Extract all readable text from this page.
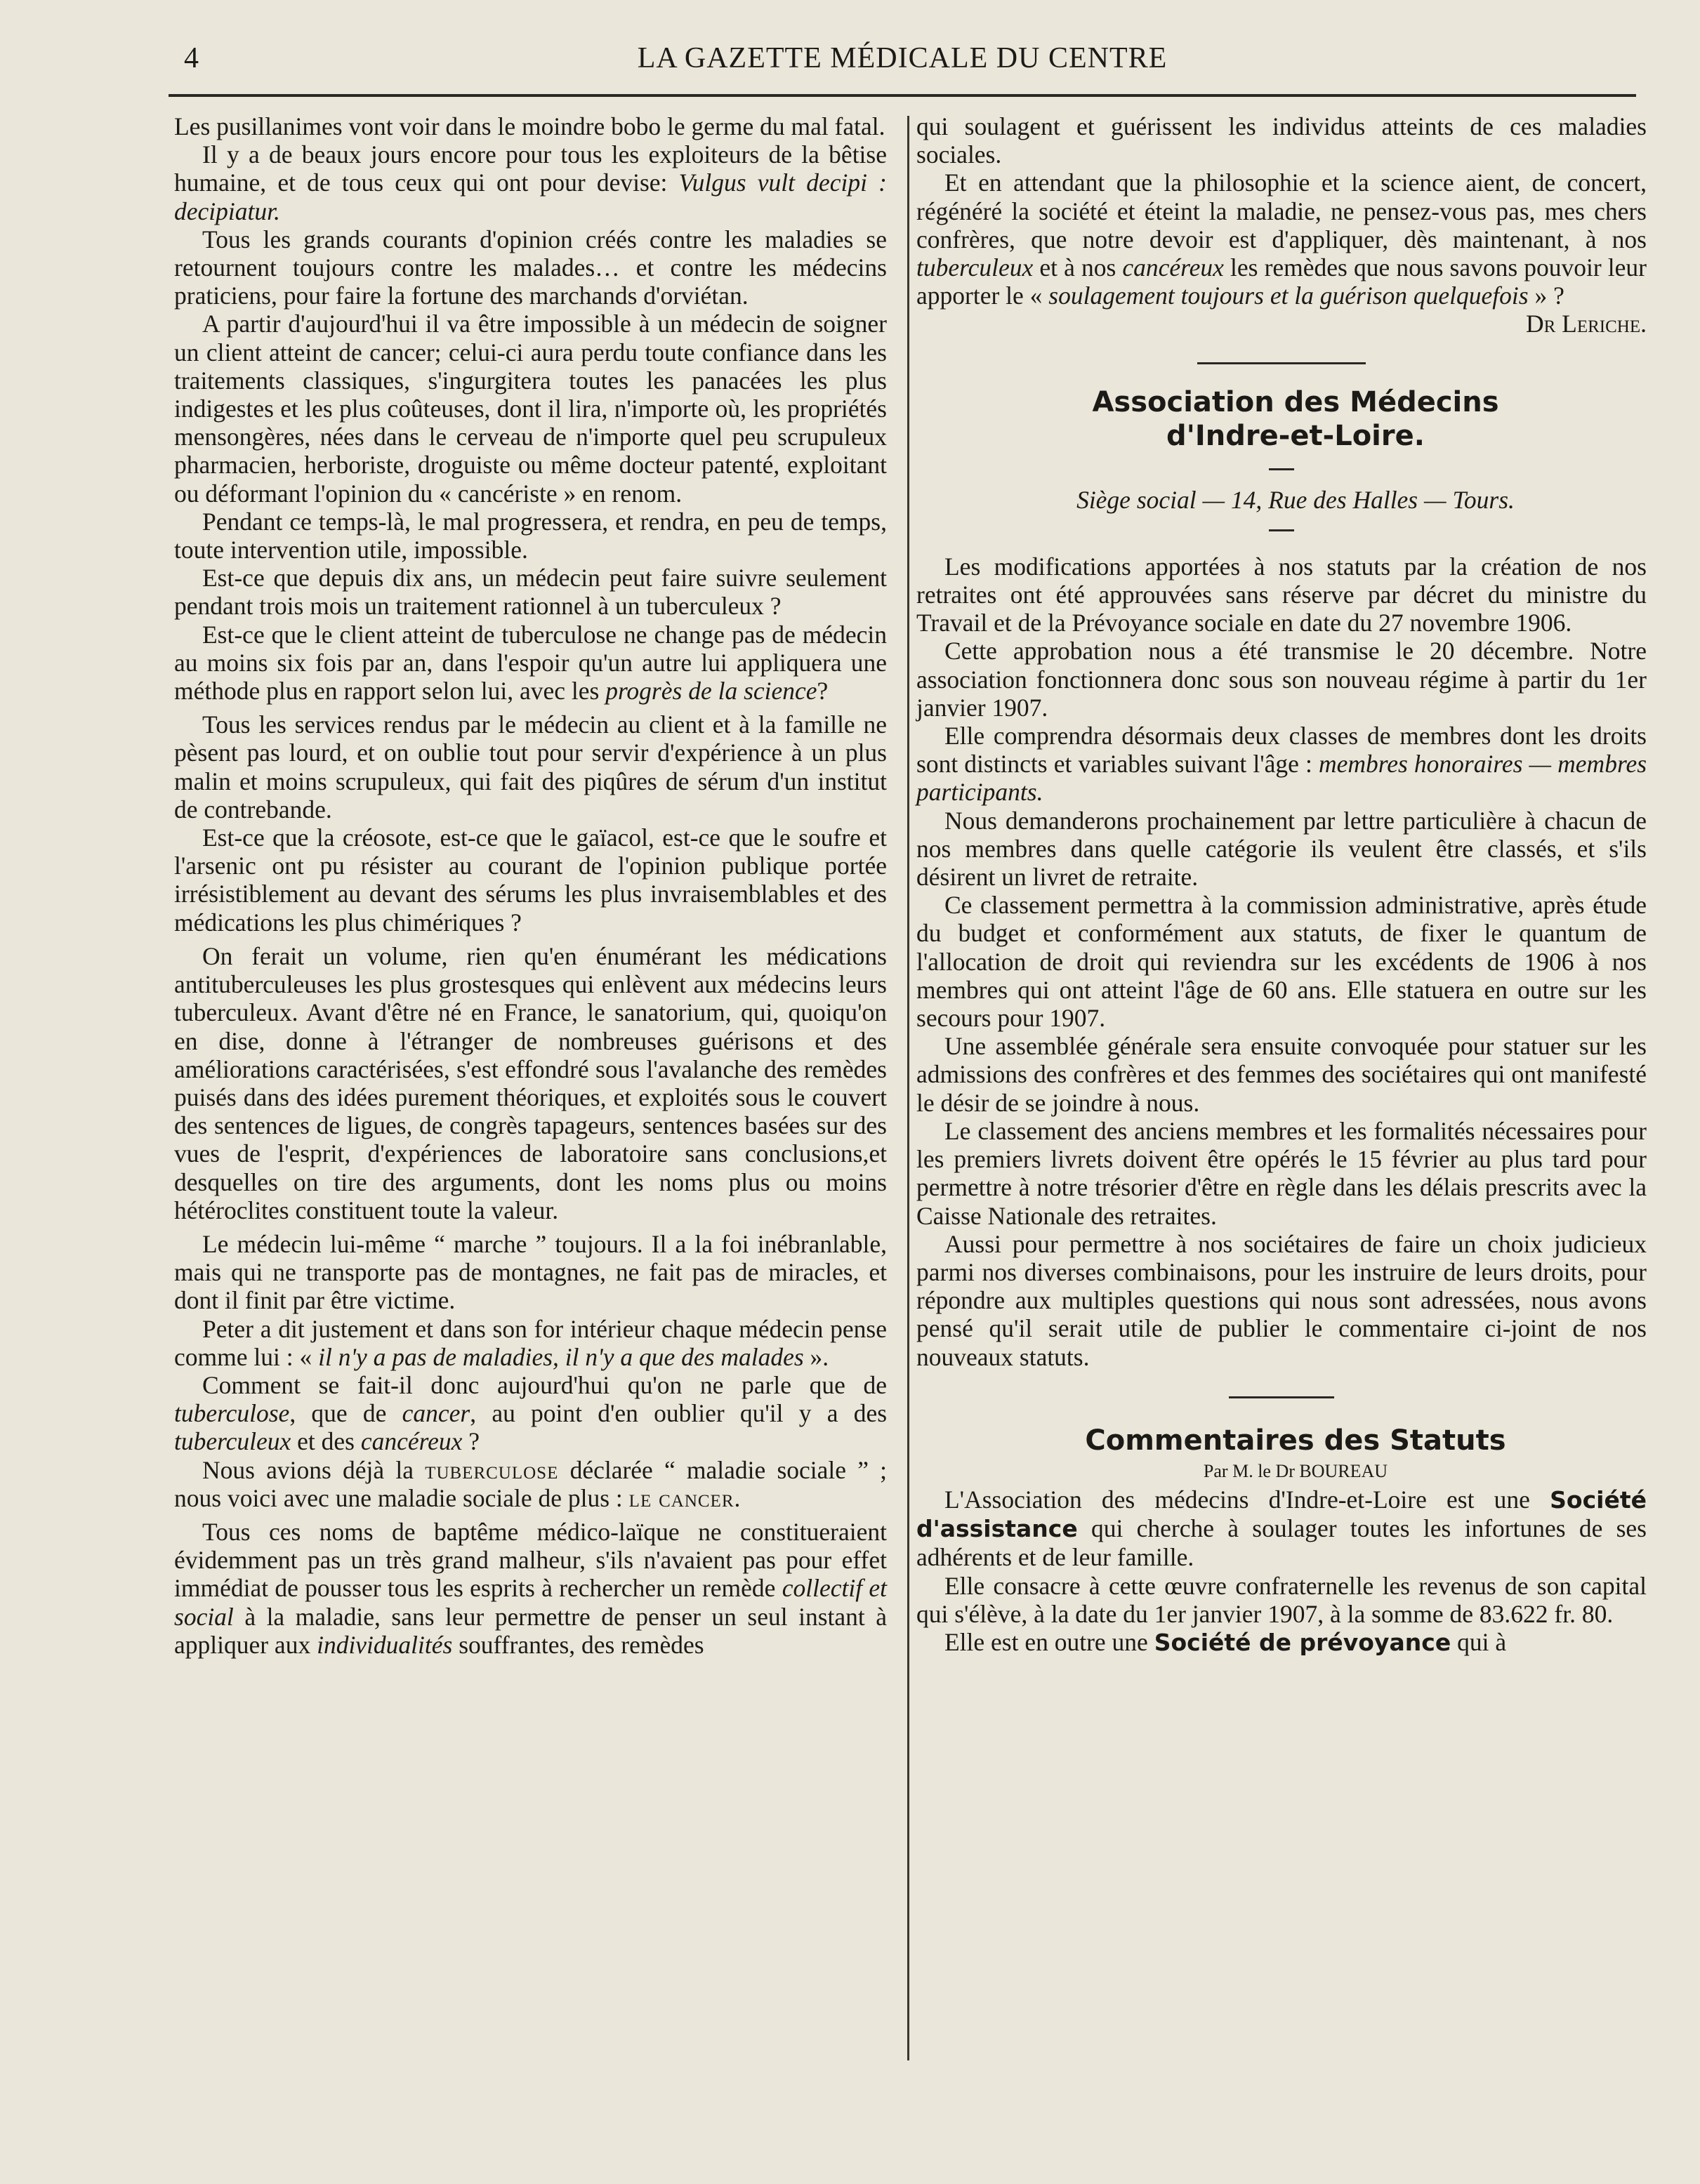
4	LA GAZETTE MÉDICALE DU CENTRE

Les pusillanimes vont voir dans le moindre bobo le germe du mal fatal.

Il y a de beaux jours encore pour tous les exploiteurs de la bêtise humaine, et de tous ceux qui ont pour devise: Vulgus vult decipi : decipiatur.

Tous les grands courants d'opinion créés contre les maladies se retournent toujours contre les malades… et contre les médecins praticiens, pour faire la fortune des marchands d'orviétan.

A partir d'aujourd'hui il va être impossible à un médecin de soigner un client atteint de cancer; celui-ci aura perdu toute confiance dans les traitements classiques, s'ingurgitera toutes les panacées les plus indigestes et les plus coûteuses, dont il lira, n'importe où, les propriétés mensongères, nées dans le cerveau de n'importe quel peu scrupuleux pharmacien, herboriste, droguiste ou même docteur patenté, exploitant ou déformant l'opinion du « cancériste » en renom.

Pendant ce temps-là, le mal progressera, et rendra, en peu de temps, toute intervention utile, impossible.

Est-ce que depuis dix ans, un médecin peut faire suivre seulement pendant trois mois un traitement rationnel à un tuberculeux ?

Est-ce que le client atteint de tuberculose ne change pas de médecin au moins six fois par an, dans l'espoir qu'un autre lui appliquera une méthode plus en rapport selon lui, avec les progrès de la science?

Tous les services rendus par le médecin au client et à la famille ne pèsent pas lourd, et on oublie tout pour servir d'expérience à un plus malin et moins scrupuleux, qui fait des piqûres de sérum d'un institut de contrebande.

Est-ce que la créosote, est-ce que le gaïacol, est-ce que le soufre et l'arsenic ont pu résister au courant de l'opinion publique portée irrésistiblement au devant des sérums les plus invraisemblables et des médications les plus chimériques ?

On ferait un volume, rien qu'en énumérant les médications antituberculeuses les plus grostesques qui enlèvent aux médecins leurs tuberculeux. Avant d'être né en France, le sanatorium, qui, quoiqu'on en dise, donne à l'étranger de nombreuses guérisons et des améliorations caractérisées, s'est effondré sous l'avalanche des remèdes puisés dans des idées purement théoriques, et exploités sous le couvert des sentences de ligues, de congrès tapageurs, sentences basées sur des vues de l'esprit, d'expériences de laboratoire sans conclusions,et desquelles on tire des arguments, dont les noms plus ou moins hétéroclites constituent toute la valeur.

Le médecin lui-même “ marche ” toujours. Il a la foi inébranlable, mais qui ne transporte pas de montagnes, ne fait pas de miracles, et dont il finit par être victime.

Peter a dit justement et dans son for intérieur chaque médecin pense comme lui : « il n'y a pas de maladies, il n'y a que des malades ».

Comment se fait-il donc aujourd'hui qu'on ne parle que de tuberculose, que de cancer, au point d'en oublier qu'il y a des tuberculeux et des cancéreux ?

Nous avions déjà la tuberculose déclarée “ maladie sociale ” ; nous voici avec une maladie sociale de plus : le cancer.

Tous ces noms de baptême médico-laïque ne constitueraient évidemment pas un très grand malheur, s'ils n'avaient pas pour effet immédiat de pousser tous les esprits à rechercher un remède collectif et social à la maladie, sans leur permettre de penser un seul instant à appliquer aux individualités souffrantes, des remèdes

qui soulagent et guérissent les individus atteints de ces maladies sociales.

Et en attendant que la philosophie et la science aient, de concert, régénéré la société et éteint la maladie, ne pensez-vous pas, mes chers confrères, que notre devoir est d'appliquer, dès maintenant, à nos tuberculeux et à nos cancéreux les remèdes que nous savons pouvoir leur apporter le « soulagement toujours et la guérison quelquefois » ?

Dr Leriche.

Association des Médecins

d'Indre-et-Loire.

Siège social — 14, Rue des Halles — Tours.

Les modifications apportées à nos statuts par la création de nos retraites ont été approuvées sans réserve par décret du ministre du Travail et de la Prévoyance sociale en date du 27 novembre 1906.

Cette approbation nous a été transmise le 20 décembre. Notre association fonctionnera donc sous son nouveau régime à partir du 1er janvier 1907.

Elle comprendra désormais deux classes de membres dont les droits sont distincts et variables suivant l'âge : membres honoraires — membres participants.

Nous demanderons prochainement par lettre particulière à chacun de nos membres dans quelle catégorie ils veulent être classés, et s'ils désirent un livret de retraite.

Ce classement permettra à la commission administrative, après étude du budget et conformément aux statuts, de fixer le quantum de l'allocation de droit qui reviendra sur les excédents de 1906 à nos membres qui ont atteint l'âge de 60 ans. Elle statuera en outre sur les secours pour 1907.

Une assemblée générale sera ensuite convoquée pour statuer sur les admissions des confrères et des femmes des sociétaires qui ont manifesté le désir de se joindre à nous.

Le classement des anciens membres et les formalités nécessaires pour les premiers livrets doivent être opérés le 15 février au plus tard pour permettre à notre trésorier d'être en règle dans les délais prescrits avec la Caisse Nationale des retraites.

Aussi pour permettre à nos sociétaires de faire un choix judicieux parmi nos diverses combinaisons, pour les instruire de leurs droits, pour répondre aux multiples questions qui nous sont adressées, nous avons pensé qu'il serait utile de publier le commentaire ci-joint de nos nouveaux statuts.

Commentaires des Statuts

Par M. le Dr BOUREAU

L'Association des médecins d'Indre-et-Loire est une Société d'assistance qui cherche à soulager toutes les infortunes de ses adhérents et de leur famille.

Elle consacre à cette œuvre confraternelle les revenus de son capital qui s'élève, à la date du 1er janvier 1907, à la somme de 83.622 fr. 80.

Elle est en outre une Société de prévoyance qui à
